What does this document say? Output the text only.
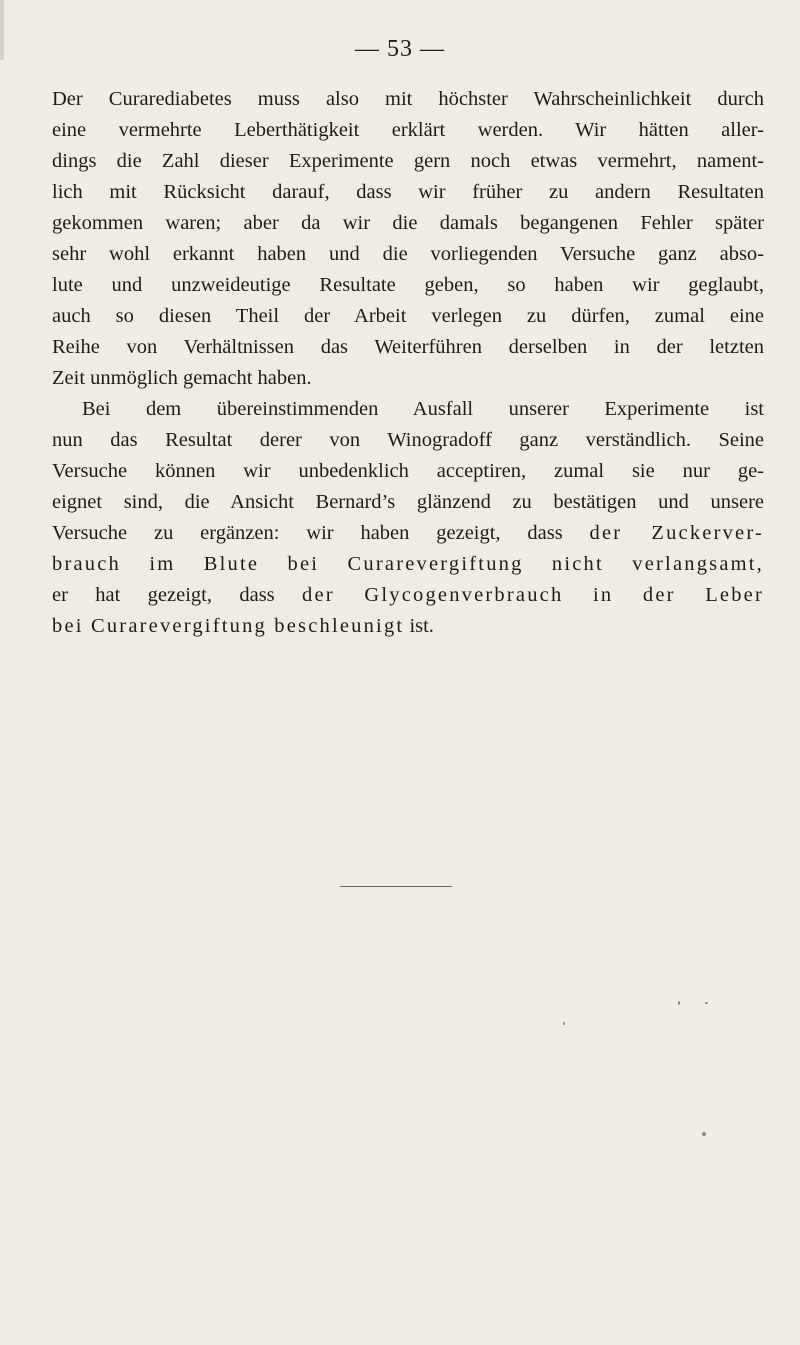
— 53 —
Der Curarediabetes muss also mit höchster Wahrscheinlichkeit durch
eine vermehrte Leberthätigkeit erklärt werden. Wir hätten aller-
dings die Zahl dieser Experimente gern noch etwas vermehrt, nament-
lich mit Rücksicht darauf, dass wir früher zu andern Resultaten
gekommen waren; aber da wir die damals begangenen Fehler später
sehr wohl erkannt haben und die vorliegenden Versuche ganz abso-
lute und unzweideutige Resultate geben, so haben wir geglaubt,
auch so diesen Theil der Arbeit verlegen zu dürfen, zumal eine
Reihe von Verhältnissen das Weiterführen derselben in der letzten
Zeit unmöglich gemacht haben.
Bei dem übereinstimmenden Ausfall unserer Experimente ist
nun das Resultat derer von Winogradoff ganz verständlich. Seine
Versuche können wir unbedenklich acceptiren, zumal sie nur ge-
eignet sind, die Ansicht Bernard’s glänzend zu bestätigen und unsere
Versuche zu ergänzen: wir haben gezeigt, dass der Zuckerver-
brauch im Blute bei Curarevergiftung nicht verlangsamt,
er hat gezeigt, dass der Glycogenverbrauch in der Leber
bei Curarevergiftung beschleunigt ist.
